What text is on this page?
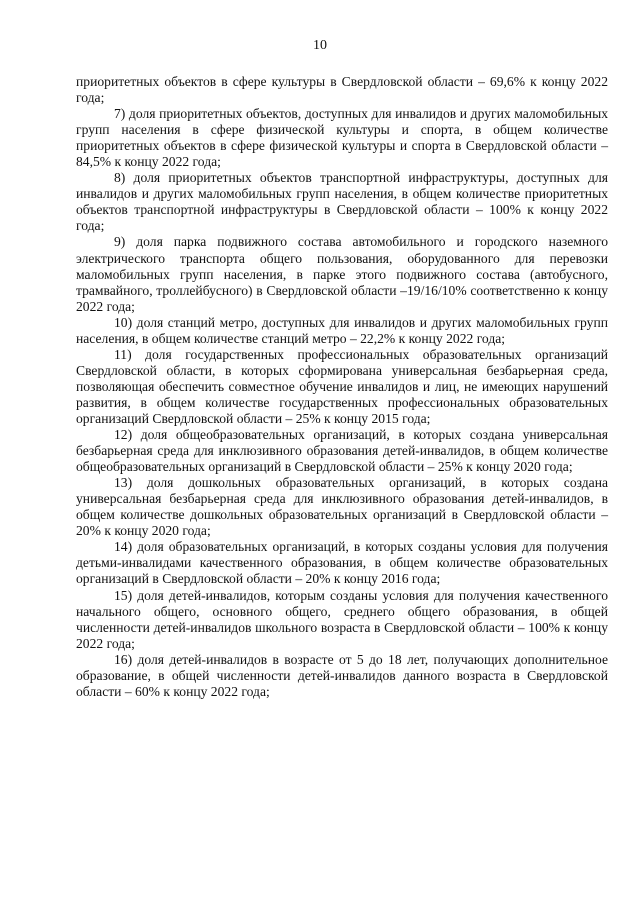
10

приоритетных объектов в сфере культуры в Свердловской области – 69,6% к концу 2022 года;

7) доля приоритетных объектов, доступных для инвалидов и других маломобильных групп населения в сфере физической культуры и спорта, в общем количестве приоритетных объектов в сфере физической культуры и спорта в Свердловской области – 84,5% к концу 2022 года;

8) доля приоритетных объектов транспортной инфраструктуры, доступных для инвалидов и других маломобильных групп населения, в общем количестве приоритетных объектов транспортной инфраструктуры в Свердловской области – 100% к концу 2022 года;

9) доля парка подвижного состава автомобильного и городского наземного электрического транспорта общего пользования, оборудованного для перевозки маломобильных групп населения, в парке этого подвижного состава (автобусного, трамвайного, троллейбусного) в Свердловской области –19/16/10% соответственно к концу 2022 года;

10) доля станций метро, доступных для инвалидов и других маломобильных групп населения, в общем количестве станций метро – 22,2% к концу 2022 года;

11) доля государственных профессиональных образовательных организаций Свердловской области, в которых сформирована универсальная безбарьерная среда, позволяющая обеспечить совместное обучение инвалидов и лиц, не имеющих нарушений развития, в общем количестве государственных профессиональных образовательных организаций Свердловской области – 25% к концу 2015 года;

12) доля общеобразовательных организаций, в которых создана универсальная безбарьерная среда для инклюзивного образования детей-инвалидов, в общем количестве общеобразовательных организаций в Свердловской области – 25% к концу 2020 года;

13) доля дошкольных образовательных организаций, в которых создана универсальная безбарьерная среда для инклюзивного образования детей-инвалидов, в общем количестве дошкольных образовательных организаций в Свердловской области – 20% к концу 2020 года;

14) доля образовательных организаций, в которых созданы условия для получения детьми-инвалидами качественного образования, в общем количестве образовательных организаций в Свердловской области – 20% к концу 2016 года;

15) доля детей-инвалидов, которым созданы условия для получения качественного начального общего, основного общего, среднего общего образования, в общей численности детей-инвалидов школьного возраста в Свердловской области – 100% к концу 2022 года;

16) доля детей-инвалидов в возрасте от 5 до 18 лет, получающих дополнительное образование, в общей численности детей-инвалидов данного возраста в Свердловской области – 60% к концу 2022 года;
